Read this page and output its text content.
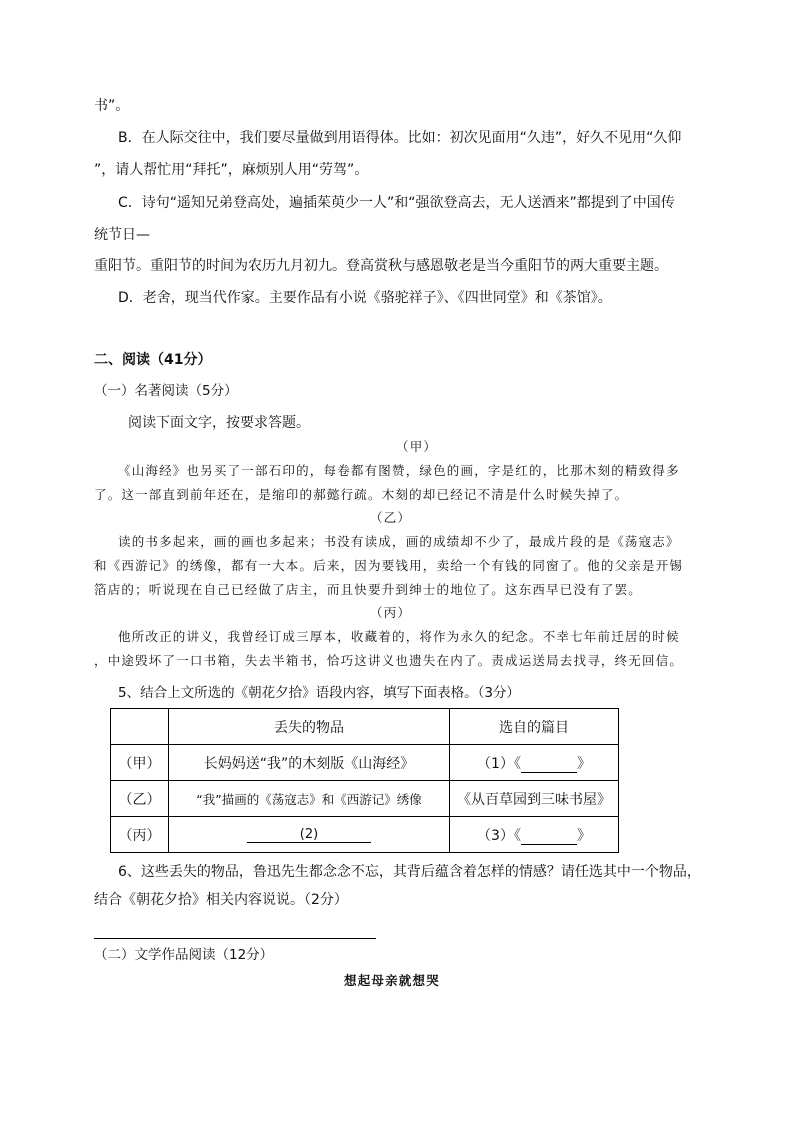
书”。
B．在人际交往中，我们要尽量做到用语得体。比如：初次见面用“久违”，好久不见用“久仰
”，请人帮忙用“拜托”，麻烦别人用“劳驾”。
C．诗句“遥知兄弟登高处，遍插茱萸少一人”和“强欲登高去，无人送酒来”都提到了中国传
统节日—
重阳节。重阳节的时间为农历九月初九。登高赏秋与感恩敬老是当今重阳节的两大重要主题。
D．老舍，现当代作家。主要作品有小说《骆驼祥子》、《四世同堂》和《茶馆》。
二、阅读（41分）
（一）名著阅读（5分）
阅读下面文字，按要求答题。
（甲）
《山海经》也另买了一部石印的，每卷都有图赞，绿色的画，字是红的，比那木刻的精致得多
了。这一部直到前年还在，是缩印的郝懿行疏。木刻的却已经记不清是什么时候失掉了。
（乙）
读的书多起来，画的画也多起来；书没有读成，画的成绩却不少了，最成片段的是《荡寇志》
和《西游记》的绣像，都有一大本。后来，因为要钱用，卖给一个有钱的同窗了。他的父亲是开锡
箔店的；听说现在自己已经做了店主，而且快要升到绅士的地位了。这东西早已没有了罢。
（丙）
他所改正的讲义，我曾经订成三厚本，收藏着的，将作为永久的纪念。不幸七年前迁居的时候
，中途毁坏了一口书箱，失去半箱书，恰巧这讲义也遗失在内了。责成运送局去找寻，终无回信。
5、结合上文所选的《朝花夕拾》语段内容，填写下面表格。（3分）
	丢失的物品	选自的篇目
（甲）	长妈妈送“我”的木刻版《山海经》	（1）《 》
（乙）	“我”描画的《荡寇志》和《西游记》绣像	《从百草园到三味书屋》
（丙）	(2)	（3）《 》
6、这些丢失的物品，鲁迅先生都念念不忘，其背后蕴含着怎样的情感？请任选其中一个物品，
结合《朝花夕拾》相关内容说说。（2分）
（二）文学作品阅读（12分）
想起母亲就想哭
